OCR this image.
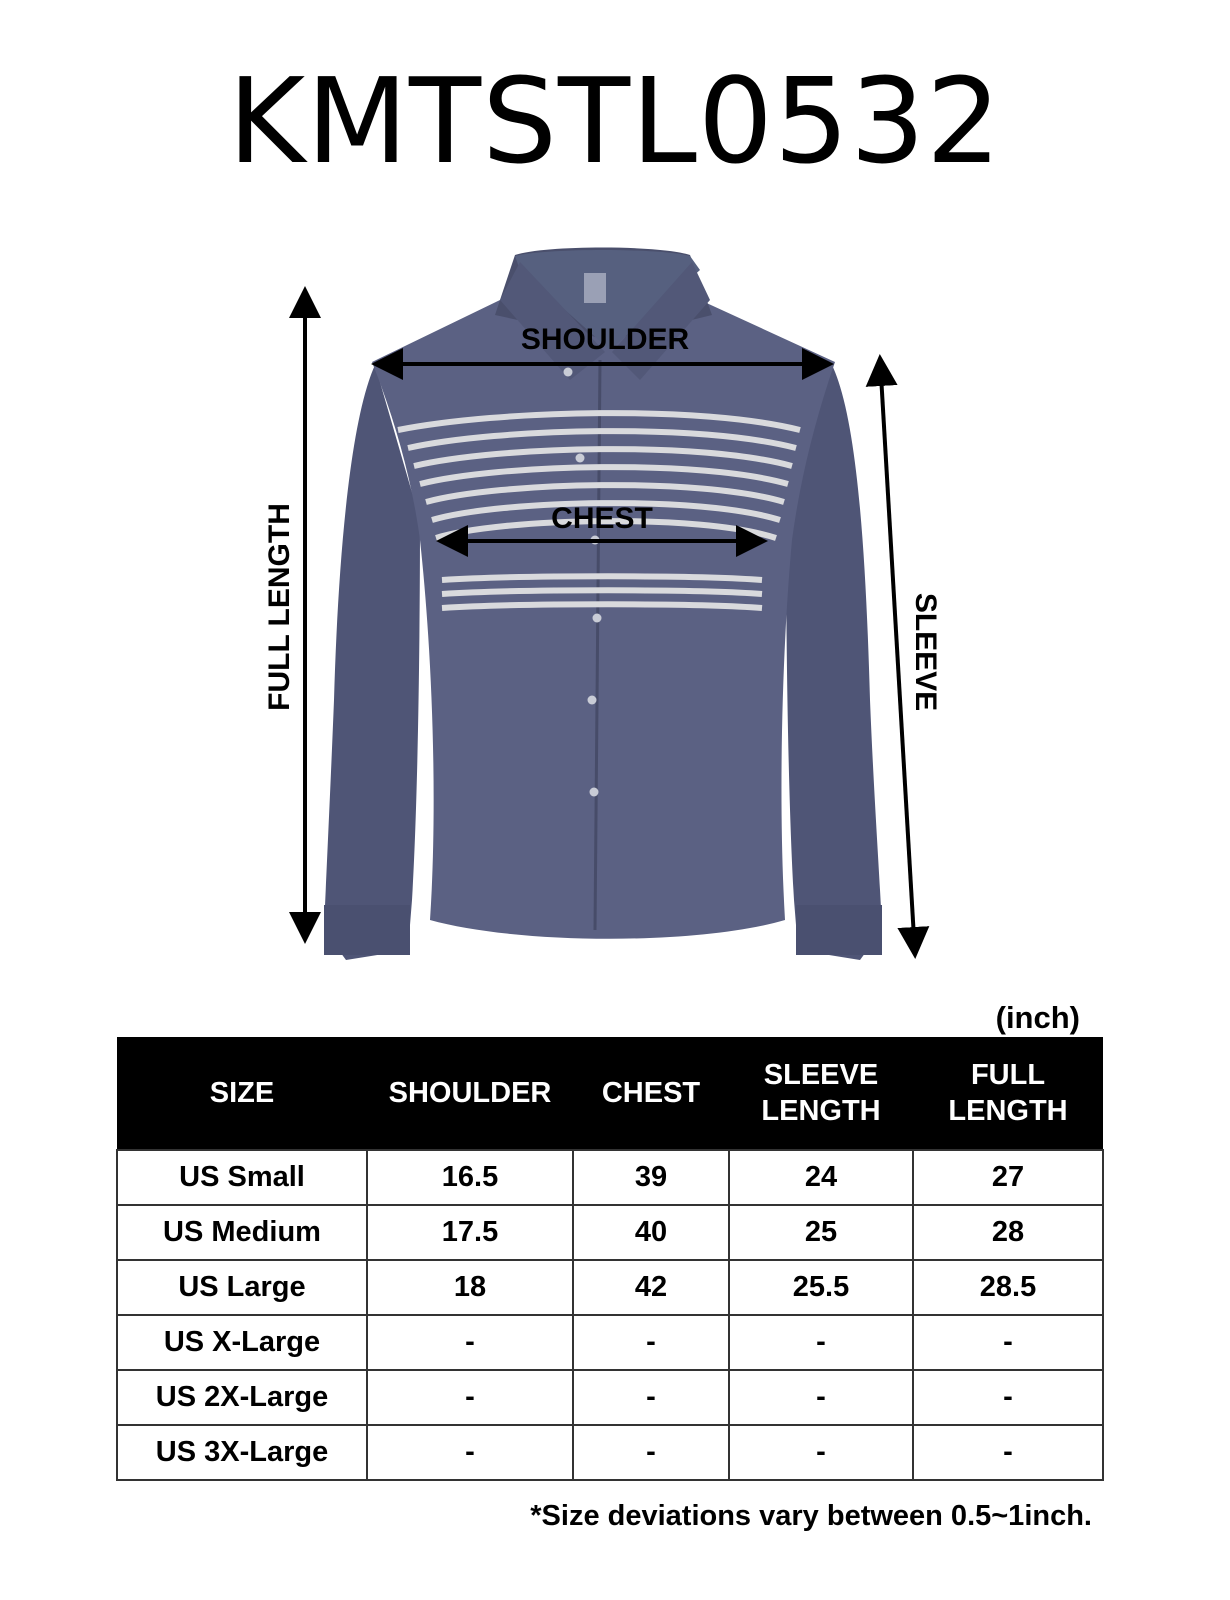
KMTSTL0532
SHOULDER
CHEST
FULL LENGTH	SLEEVE
(inch)
SIZE	SHOULDER	CHEST	SLEEVE LENGTH	FULL LENGTH
US Small	16.5	39	24	27
US Medium	17.5	40	25	28
US Large	18	42	25.5	28.5
US X-Large	-	-	-	-
US 2X-Large	-	-	-	-
US 3X-Large	-	-	-	-
*Size deviations vary between 0.5~1inch.
